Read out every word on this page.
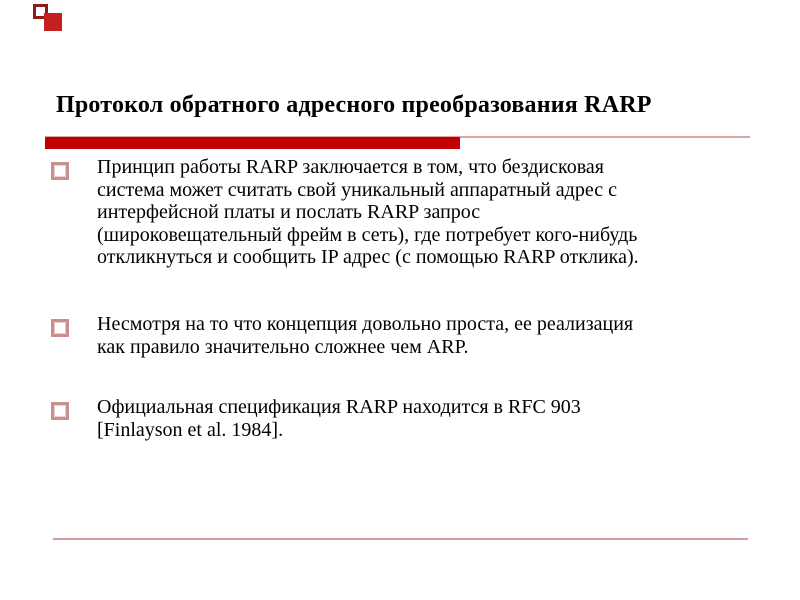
Протокол обратного адресного преобразования RARP
Принцип работы RARP заключается в том, что бездисковая
система может считать свой уникальный аппаратный адрес с
интерфейсной платы и послать RARP запрос
(широковещательный фрейм в сеть), где потребует кого-нибудь
откликнуться и сообщить IP адрес (с помощью RARP отклика).
Несмотря на то что концепция довольно проста, ее реализация
как правило значительно сложнее чем ARP.
Официальная спецификация RARP находится в RFC 903
[Finlayson et al. 1984].
